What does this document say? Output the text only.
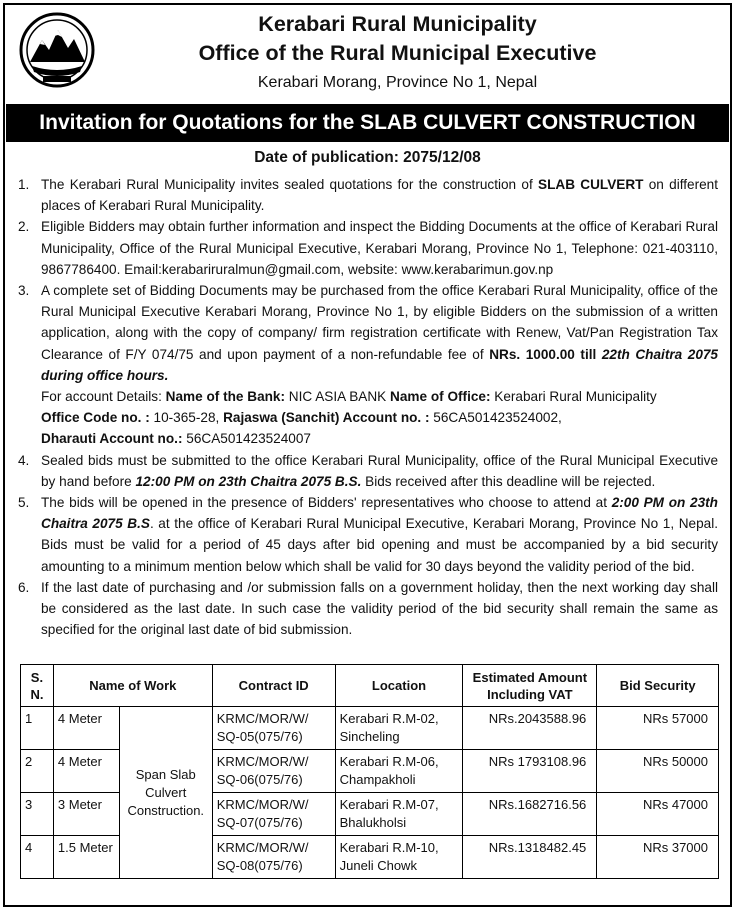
Kerabari Rural Municipality
Office of the Rural Municipal Executive
Kerabari Morang, Province No 1, Nepal
Invitation for Quotations for the SLAB CULVERT CONSTRUCTION
Date of publication: 2075/12/08
1. The Kerabari Rural Municipality invites sealed quotations for the construction of SLAB CULVERT on different places of Kerabari Rural Municipality.
2. Eligible Bidders may obtain further information and inspect the Bidding Documents at the office of Kerabari Rural Municipality, Office of the Rural Municipal Executive, Kerabari Morang, Province No 1, Telephone: 021-403110, 9867786400. Email:kerabariruralmun@gmail.com, website: www.kerabarimun.gov.np
3. A complete set of Bidding Documents may be purchased from the office Kerabari Rural Municipality, office of the Rural Municipal Executive Kerabari Morang, Province No 1, by eligible Bidders on the submission of a written application, along with the copy of company/ firm registration certificate with Renew, Vat/Pan Registration Tax Clearance of F/Y 074/75 and upon payment of a non-refundable fee of NRs. 1000.00 till 22th Chaitra 2075 during office hours.
For account Details: Name of the Bank: NIC ASIA BANK Name of Office: Kerabari Rural Municipality
Office Code no. : 10-365-28, Rajaswa (Sanchit) Account no. : 56CA501423524002,
Dharauti Account no.: 56CA501423524007
4. Sealed bids must be submitted to the office Kerabari Rural Municipality, office of the Rural Municipal Executive by hand before 12:00 PM on 23th Chaitra 2075 B.S. Bids received after this deadline will be rejected.
5. The bids will be opened in the presence of Bidders' representatives who choose to attend at 2:00 PM on 23th Chaitra 2075 B.S. at the office of Kerabari Rural Municipal Executive, Kerabari Morang, Province No 1, Nepal. Bids must be valid for a period of 45 days after bid opening and must be accompanied by a bid security amounting to a minimum mention below which shall be valid for 30 days beyond the validity period of the bid.
6. If the last date of purchasing and /or submission falls on a government holiday, then the next working day shall be considered as the last date. In such case the validity period of the bid security shall remain the same as specified for the original last date of bid submission.
S.
N.	Name of Work		Contract ID	Location	Estimated Amount
Including VAT	Bid Security
1	4 Meter	Span Slab
Culvert
Construction.	KRMC/MOR/W/
SQ-05(075/76)	Kerabari R.M-02,
Sincheling	NRs.2043588.96	NRs 57000
2	4 Meter		KRMC/MOR/W/
SQ-06(075/76)	Kerabari R.M-06,
Champakholi	NRs 1793108.96	NRs 50000
3	3 Meter		KRMC/MOR/W/
SQ-07(075/76)	Kerabari R.M-07,
Bhalukholsi	NRs.1682716.56	NRs 47000
4	1.5 Meter		KRMC/MOR/W/
SQ-08(075/76)	Kerabari R.M-10,
Juneli Chowk	NRs.1318482.45	NRs 37000
